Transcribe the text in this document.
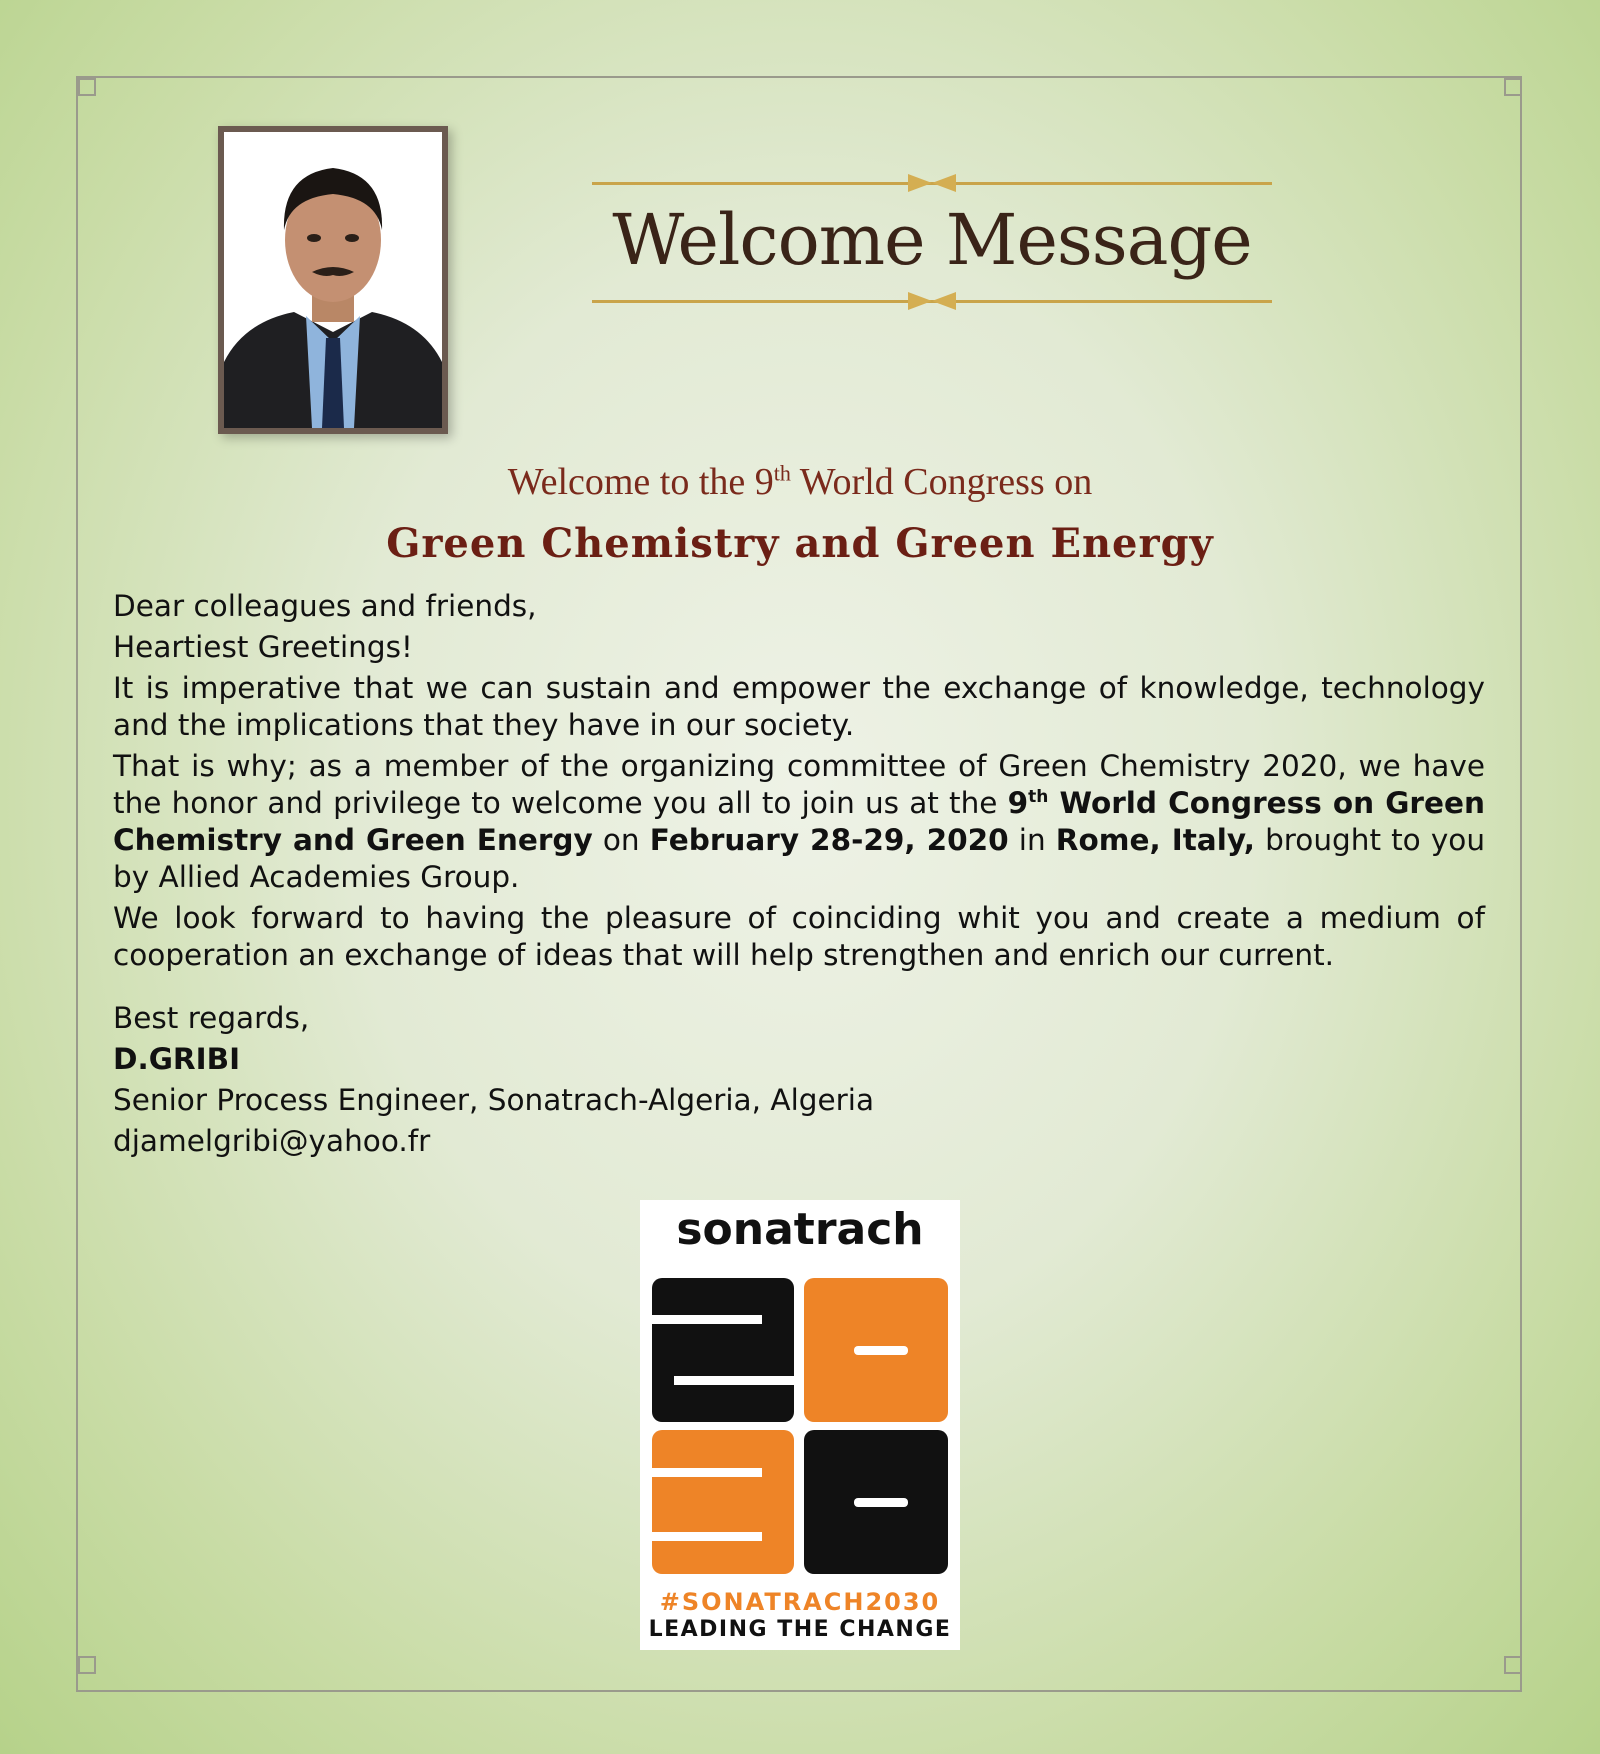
Welcome Message
Welcome to the 9th World Congress on
Green Chemistry and Green Energy

Dear colleagues and friends,

Heartiest Greetings!

It is imperative that we can sustain and empower the exchange of knowledge, technology and the implications that they have in our society.

That is why; as a member of the organizing committee of Green Chemistry 2020, we have the honor and privilege to welcome you all to join us at the 9th World Congress on Green Chemistry and Green Energy on February 28-29, 2020 in Rome, Italy, brought to you by Allied Academies Group.

We look forward to having the pleasure of coinciding whit you and create a medium of cooperation an exchange of ideas that will help strengthen and enrich our current.

Best regards,
D.GRIBI
Senior Process Engineer, Sonatrach-Algeria, Algeria
djamelgribi@yahoo.fr
sonatrach
#SONATRACH2030
LEADING THE CHANGE
